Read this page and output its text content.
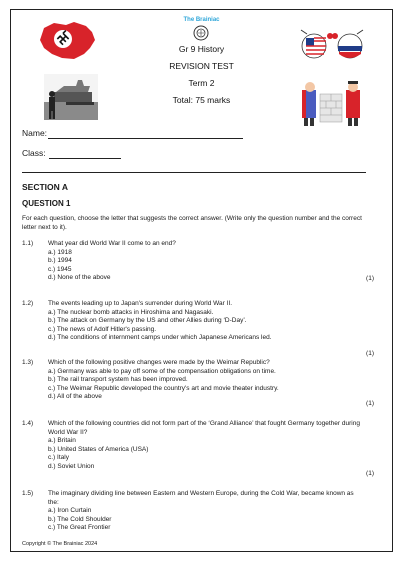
The Brainiac
Gr 9 History
REVISION TEST
Term 2
Total: 75 marks
Name:
Class:
SECTION A
QUESTION 1
For each question, choose the letter that suggests the correct answer. (Write only the question number and the correct letter next to it).
1.1) What year did World War II come to an end?
a.) 1918
b.) 1994
c.) 1945
d.) None of the above	(1)
1.2) The events leading up to Japan's surrender during World War II.
a.) The nuclear bomb attacks in Hiroshima and Nagasaki.
b.) The attack on Germany by the US and other Allies during ‘D-Day’.
c.) The news of Adolf Hitler's passing.
d.) The conditions of internment camps under which Japanese Americans led.
(1)
1.3) Which of the following positive changes were made by the Weimar Republic?
a.) Germany was able to pay off some of the compensation obligations on time.
b.) The rail transport system has been improved.
c.) The Weimar Republic developed the country's art and movie theater industry.
d.) All of the above
(1)
1.4) Which of the following countries did not form part of the ‘Grand Alliance’ that fought Germany together during World War II?
a.) Britain
b.) United States of America (USA)
c.) Italy
d.) Soviet Union
(1)
1.5) The imaginary dividing line between Eastern and Western Europe, during the Cold War, became known as the:
a.) Iron Curtain
b.) The Cold Shoulder
c.) The Great Frontier
Copyright © The Brainiac 2024
